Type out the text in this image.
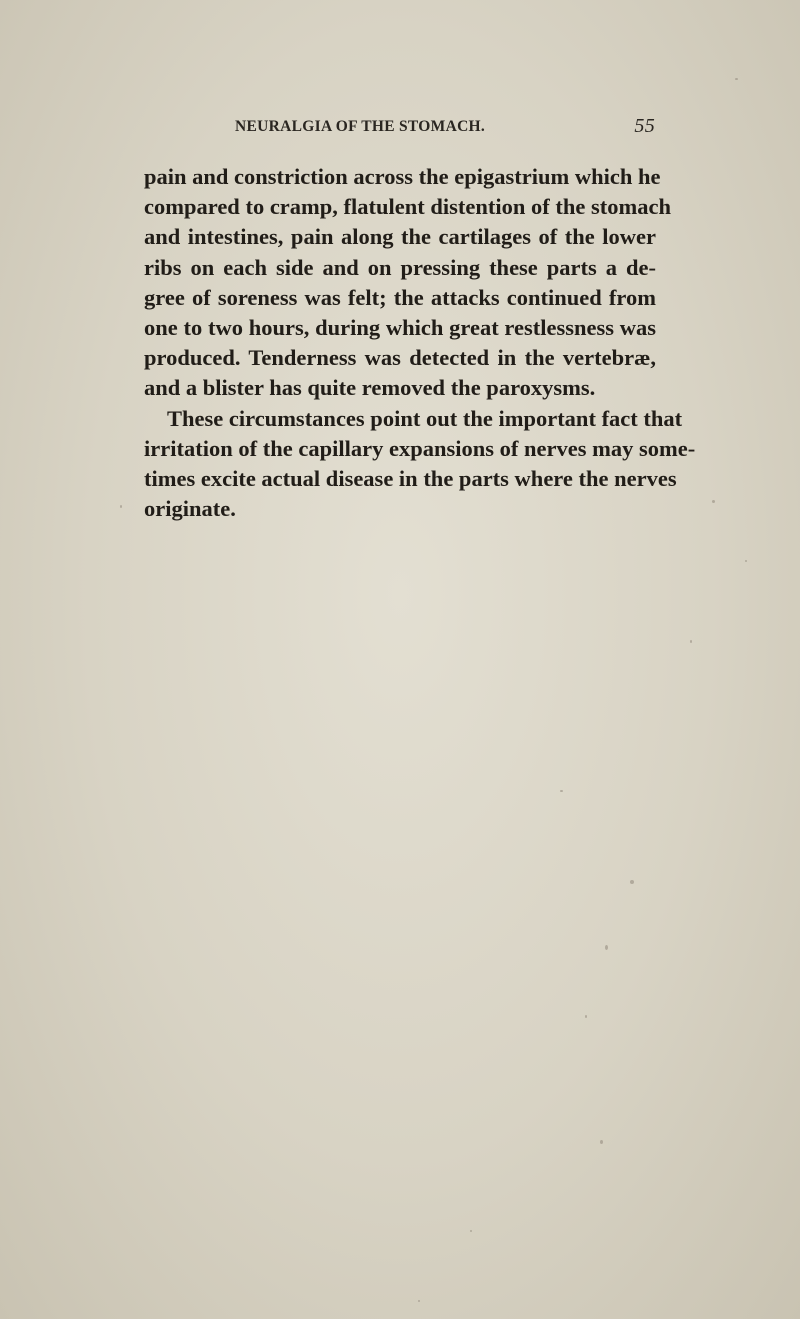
NEURALGIA OF THE STOMACH.	55
pain and constriction across the epigastrium which he
compared to cramp, flatulent distention of the stomach
and intestines, pain along the cartilages of the lower
ribs on each side and on pressing these parts a de-
gree of soreness was felt; the attacks continued from
one to two hours, during which great restlessness was
produced. Tenderness was detected in the vertebræ,
and a blister has quite removed the paroxysms.
These circumstances point out the important fact that
irritation of the capillary expansions of nerves may some-
times excite actual disease in the parts where the nerves
originate.
